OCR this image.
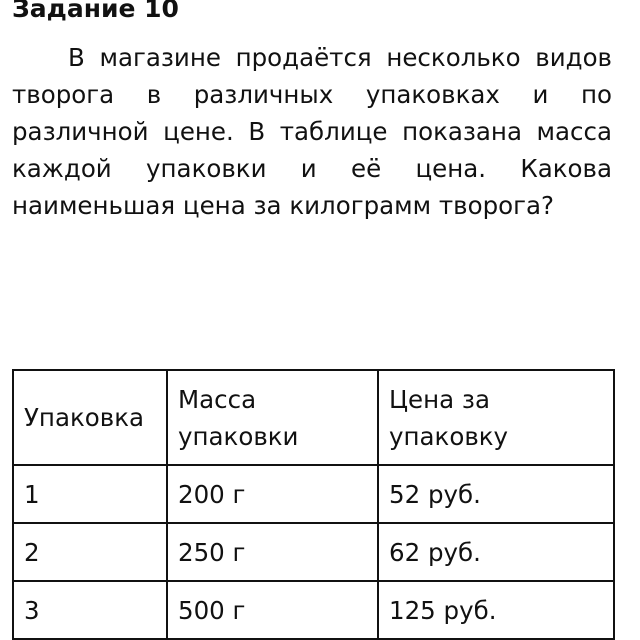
Задание 10

В магазине продаётся несколько видов творога в различных упаковках и по различной цене. В таблице показана масса каждой упаковки и её цена. Какова наименьшая цена за килограмм творога?

Упаковка	Масса упаковки	Цена за упаковку
1	200 г	52 руб.
2	250 г	62 руб.
3	500 г	125 руб.
